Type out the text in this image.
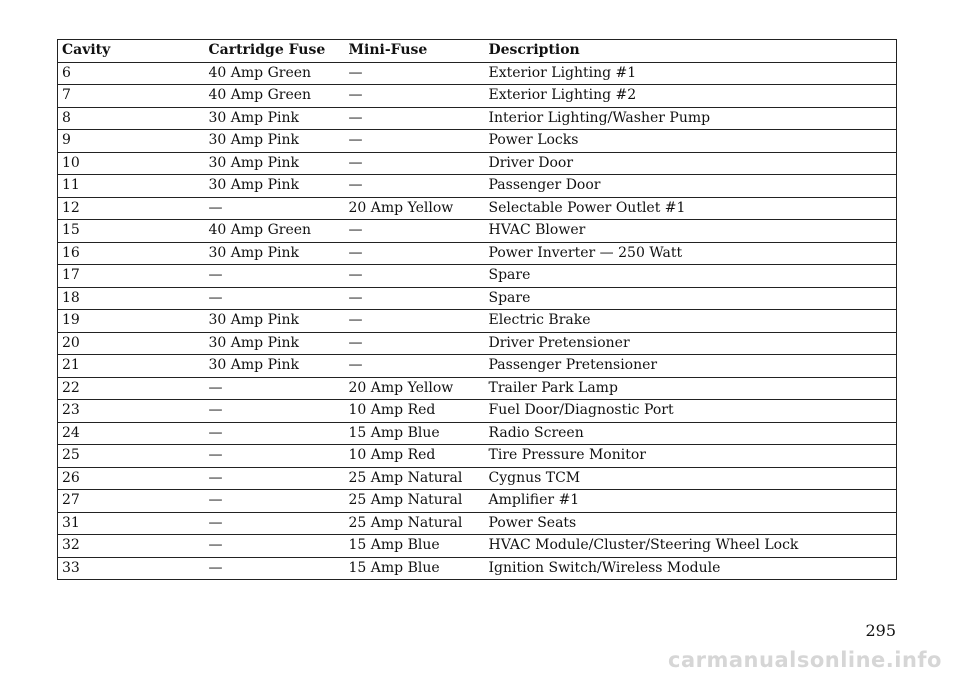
Cavity	Cartridge Fuse	Mini-Fuse	Description
6	40 Amp Green	—	Exterior Lighting #1
7	40 Amp Green	—	Exterior Lighting #2
8	30 Amp Pink	—	Interior Lighting/Washer Pump
9	30 Amp Pink	—	Power Locks
10	30 Amp Pink	—	Driver Door
11	30 Amp Pink	—	Passenger Door
12	—	20 Amp Yellow	Selectable Power Outlet #1
15	40 Amp Green	—	HVAC Blower
16	30 Amp Pink	—	Power Inverter — 250 Watt
17	—	—	Spare
18	—	—	Spare
19	30 Amp Pink	—	Electric Brake
20	30 Amp Pink	—	Driver Pretensioner
21	30 Amp Pink	—	Passenger Pretensioner
22	—	20 Amp Yellow	Trailer Park Lamp
23	—	10 Amp Red	Fuel Door/Diagnostic Port
24	—	15 Amp Blue	Radio Screen
25	—	10 Amp Red	Tire Pressure Monitor
26	—	25 Amp Natural	Cygnus TCM
27	—	25 Amp Natural	Amplifier #1
31	—	25 Amp Natural	Power Seats
32	—	15 Amp Blue	HVAC Module/Cluster/Steering Wheel Lock
33	—	15 Amp Blue	Ignition Switch/Wireless Module
295
carmanualsonline.info
